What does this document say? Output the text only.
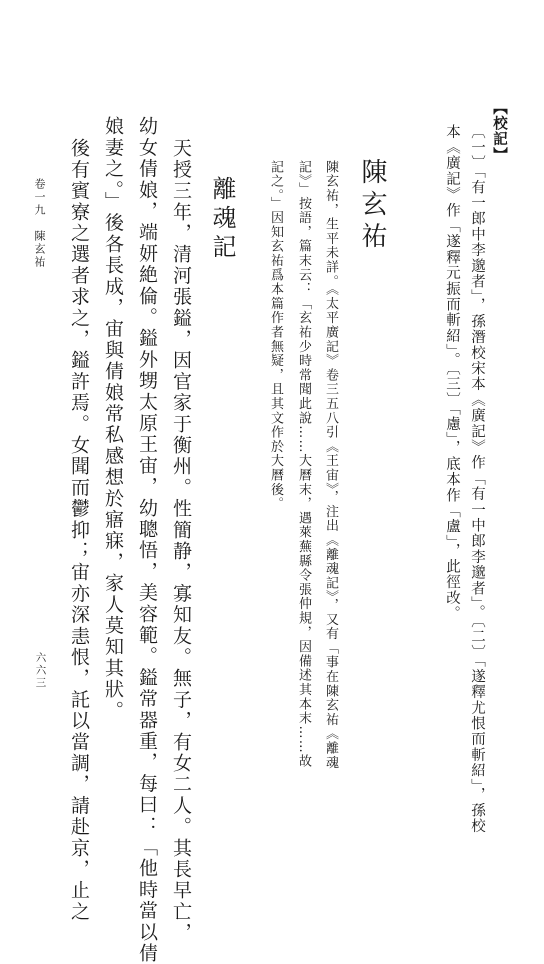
【校記】
〔一〕「有一郎中李邈者」，孫潛校宋本《廣記》作「有一中郎李邈者」。〔二〕「遂釋尤恨而斬紹」，孫校
本《廣記》作「遂釋元振而斬紹」。〔三〕「慮」，底本作「盧」，此徑改。
陳玄祐
陳玄祐，生平未詳。《太平廣記》卷三五八引《王宙》，注出《離魂記》，又有「事在陳玄祐《離魂
記》」按語，篇末云：「玄祐少時常聞此說……大曆末，遇萊蕪縣令張仲規，因備述其本末……故
記之。」因知玄祐爲本篇作者無疑，且其文作於大曆後。
離魂記
天授三年，清河張鎰，因官家于衡州。性簡静，寡知友。無子，有女二人。其長早亡，
幼女倩娘，端妍絶倫。鎰外甥太原王宙，幼聰悟，美容範。鎰常器重，每曰：「他時當以倩
娘妻之。」後各長成，宙與倩娘常私感想於寤寐，家人莫知其狀。
後有賓寮之選者求之，鎰許焉。女聞而鬱抑；宙亦深恚恨，託以當調，請赴京，止之
卷一九　陳玄祐
六六三
